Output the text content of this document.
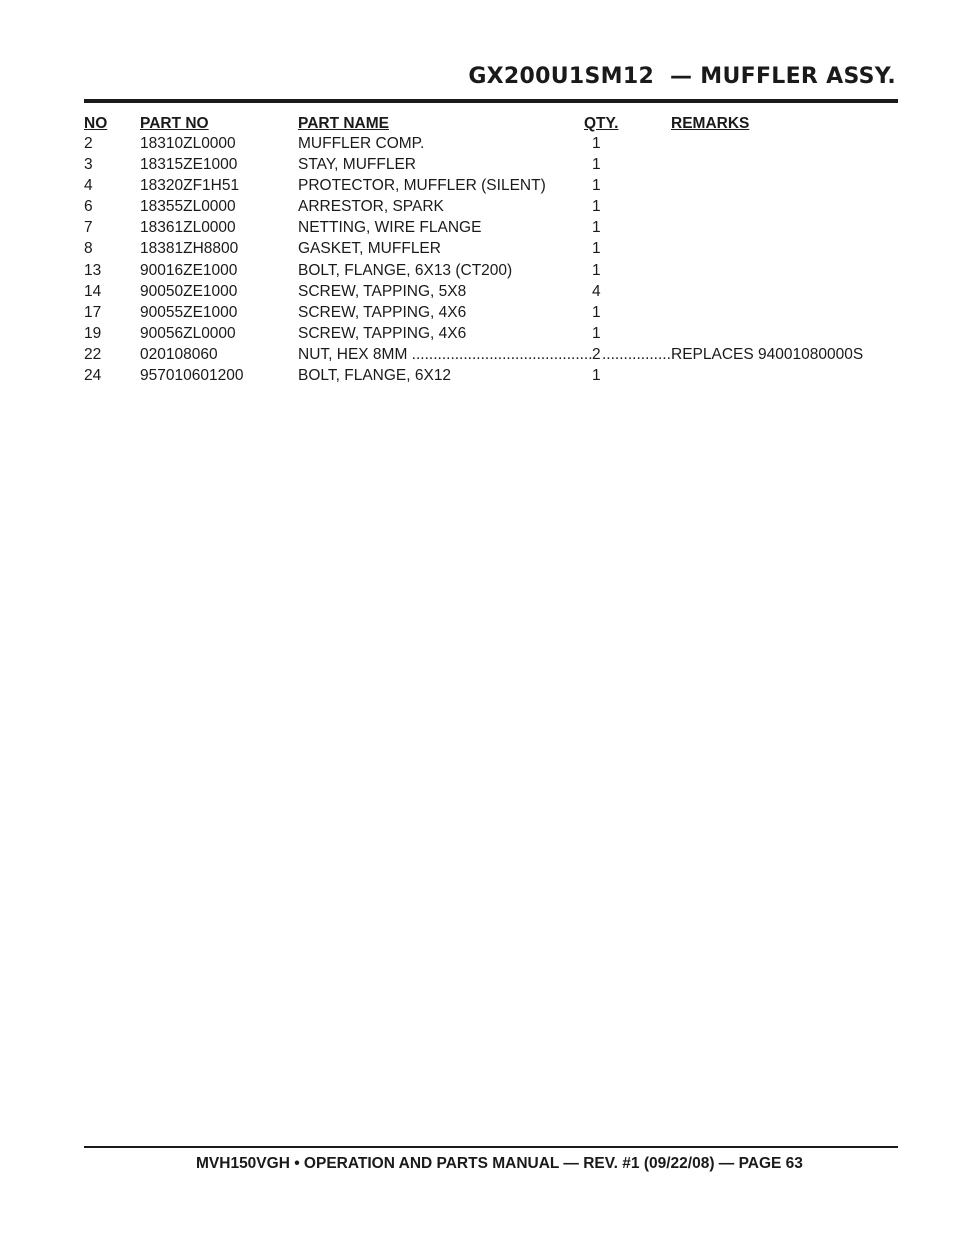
GX200U1SM12  — MUFFLER ASSY.
NO PART NO	PART NAME	QTY.	REMARKS
2	18310ZL0000	MUFFLER COMP.	1
3	18315ZE1000	STAY, MUFFLER	1
4	18320ZF1H51	PROTECTOR, MUFFLER (SILENT)	1
6	18355ZL0000	ARRESTOR, SPARK	1
7	18361ZL0000	NETTING, WIRE FLANGE	1
8	18381ZH8800	GASKET, MUFFLER	1
13	90016ZE1000	BOLT, FLANGE, 6X13 (CT200)	1
14	90050ZE1000	SCREW, TAPPING, 5X8	4
17	90055ZE1000	SCREW, TAPPING, 4X6	1
19	90056ZL0000	SCREW, TAPPING, 4X6	1
22	020108060	NUT, HEX 8MM .....	2
.....	REPLACES 94001080000S
24	957010601200	BOLT, FLANGE, 6X12	1
MVH150VGH • OPERATION AND PARTS MANUAL — REV. #1 (09/22/08) — PAGE 63
